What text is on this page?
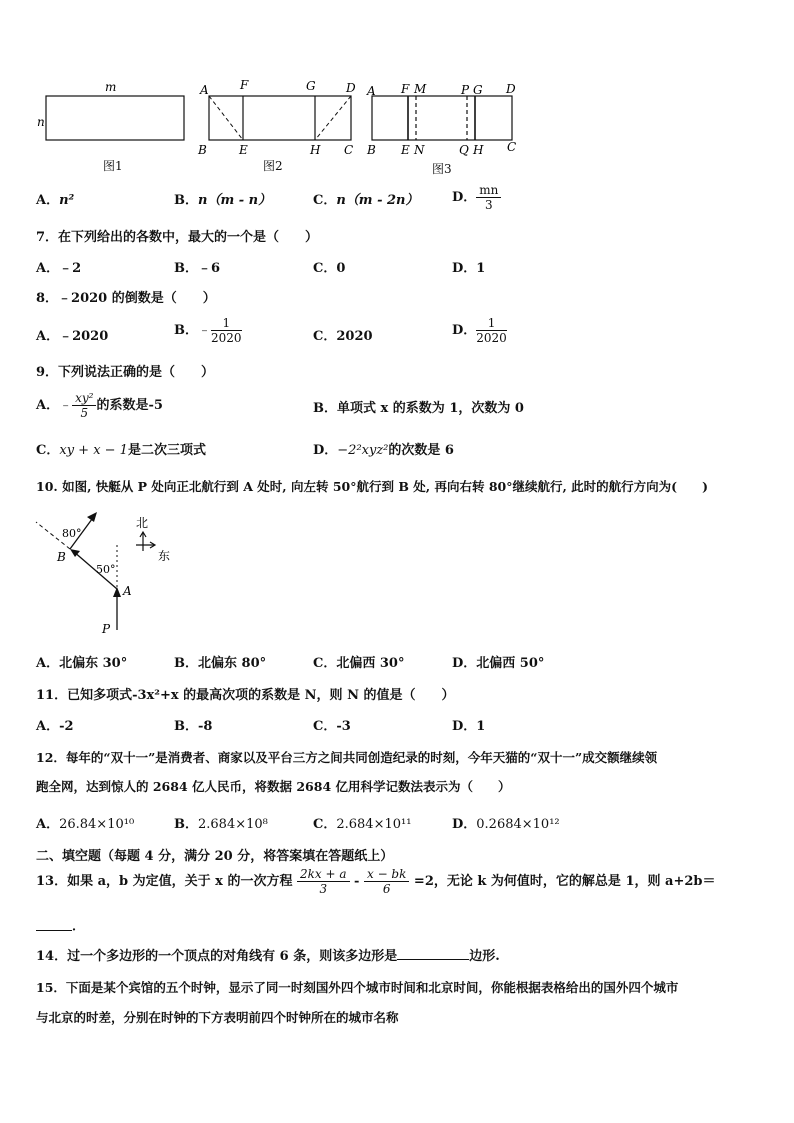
m
n
A	F	G	D
B	E	H C
A F M	P G D
B E N	Q H C
图1	图2	图3
A．n²	B．n（m - n）	C．n（m - 2n）	D． $\frac{mn}{3}$
7．在下列给出的各数中，最大的一个是（　　）
A．﹣2	B．﹣6	C．0	D．1
8．﹣2020 的倒数是（　　）
A．﹣2020	B．﹣ $\frac{1}{2020}$	C．2020	D． $\frac{1}{2020}$
9．下列说法正确的是（　　）
A．﹣ $\frac{\text{xy²}}{5}$ 的系数是-5	B．单项式 x 的系数为 1，次数为 0
C．xy + x − 1是二次三项式	D．−2²xyz²的次数是 6
10. 如图, 快艇从 P 处向正北航行到 A 处时, 向左转 50°航行到 B 处, 再向右转 80°继续航行, 此时的航行方向为(　　)
80°
50°
B
A
P
北
东
A．北偏东 30°	B．北偏东 80°	C．北偏西 30°	D．北偏西 50°
11．已知多项式-3x²+x 的最高次项的系数是 N，则 N 的值是（　　）
A．-2	B．-8	C．-3	D．1
12．每年的“双十一”是消费者、商家以及平台三方之间共同创造纪录的时刻，今年天猫的“双十一”成交额继续领
跑全网，达到惊人的 2684 亿人民币，将数据 2684 亿用科学记数法表示为（　　）
A．26.84×10¹⁰	B．2.684×10⁸	C．2.684×10¹¹	D．0.2684×10¹²
二、填空题（每题 4 分，满分 20 分，将答案填在答题纸上）
13．如果 a，b 为定值，关于 x 的一次方程 $\frac{2kx + a}{3} - \frac{x - bk}{6} =2$，无论 k 为何值时，它的解总是 1，则 a+2b＝
．
14．过一个多边形的一个顶点的对角线有 6 条，则该多边形是	边形.
15．下面是某个宾馆的五个时钟，显示了同一时刻国外四个城市时间和北京时间，你能根据表格给出的国外四个城市
与北京的时差，分别在时钟的下方表明前四个时钟所在的城市名称
